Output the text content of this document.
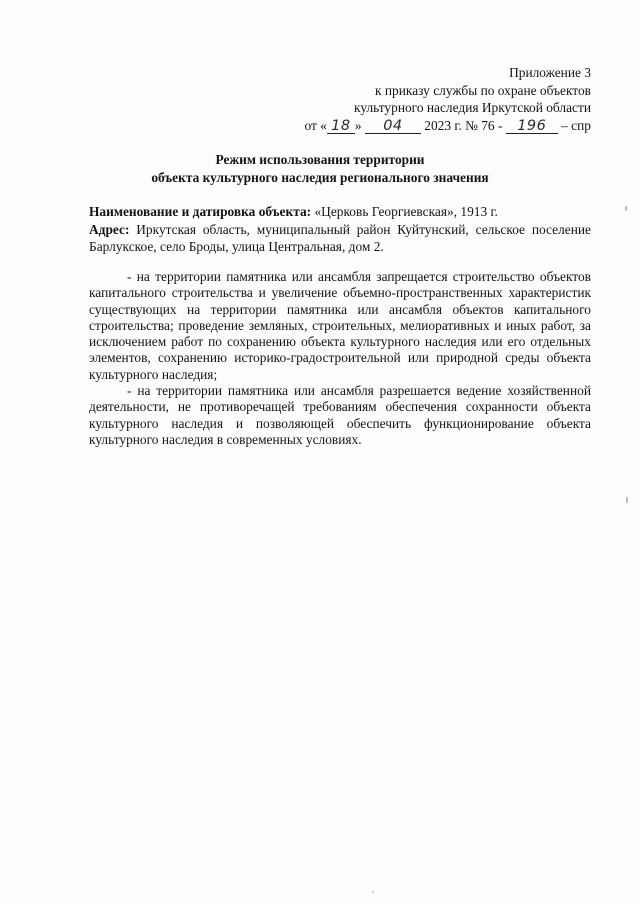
Приложение 3
к приказу службы по охране объектов
культурного наследия Иркутской области
от « 18 » 04 2023 г. № 76 - 196 – спр
Режим использования территории
объекта культурного наследия регионального значения

Наименование и датировка объекта: «Церковь Георгиевская», 1913 г.

Адрес: Иркутская область, муниципальный район Куйтунский, сельское поселение Барлукское, село Броды, улица Центральная, дом 2.

- на территории памятника или ансамбля запрещается строительство объектов капитального строительства и увеличение объемно-пространственных характеристик существующих на территории памятника или ансамбля объектов капитального строительства; проведение земляных, строительных, мелиоративных и иных работ, за исключением работ по сохранению объекта культурного наследия или его отдельных элементов, сохранению историко-градостроительной или природной среды объекта культурного наследия;

- на территории памятника или ансамбля разрешается ведение хозяйственной деятельности, не противоречащей требованиям обеспечения сохранности объекта культурного наследия и позволяющей обеспечить функционирование объекта культурного наследия в современных условиях.
